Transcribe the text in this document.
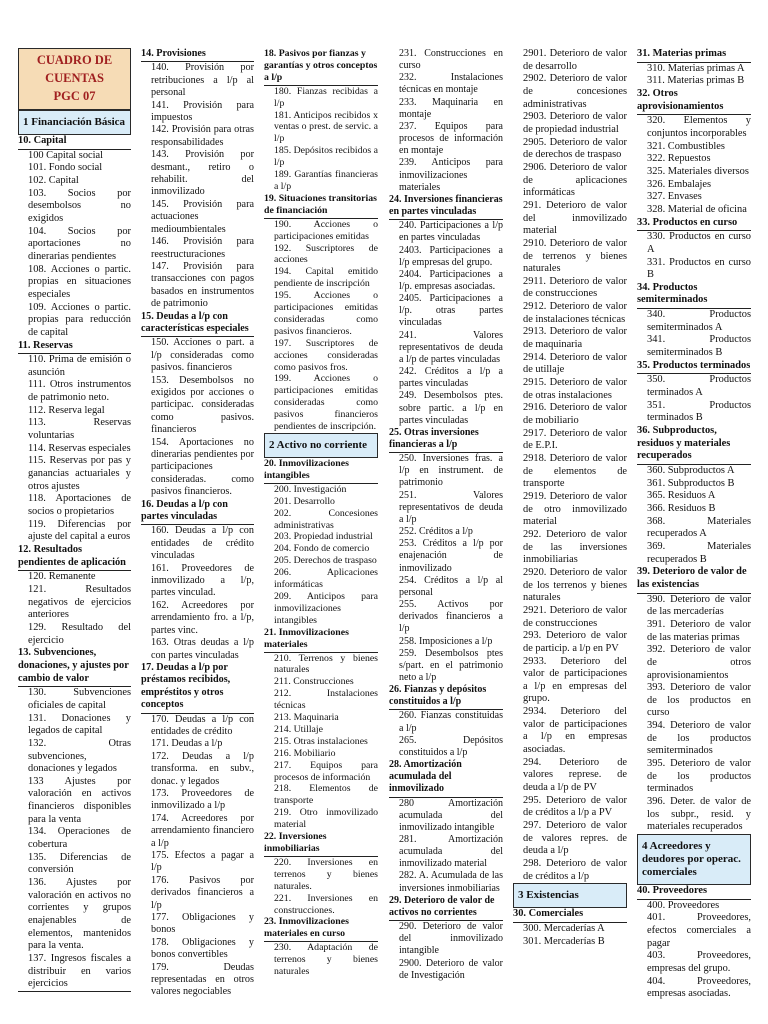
CUADRO DE CUENTAS
PGC 07
1 Financiación Básica
10. Capital
100 Capital social
101. Fondo social
102. Capital
103. Socios por desembolsos no exigidos
104. Socios por aportaciones no dinerarias pendientes
108. Acciones o partic. propias en situaciones especiales
109. Acciones o partic. propias para reducción de capital
11. Reservas
110. Prima de emisión o asunción
111. Otros instrumentos de patrimonio neto.
112. Reserva legal
113. Reservas voluntarias
114. Reservas especiales
115. Reservas por pas y ganancias actuariales y otros ajustes
118. Aportaciones de socios o propietarios
119. Diferencias por ajuste del capital a euros
12. Resultados pendientes de aplicación
120. Remanente
121. Resultados negativos de ejercicios anteriores
129. Resultado del ejercicio
13. Subvenciones, donaciones, y ajustes por cambio de valor
130. Subvenciones oficiales de capital
131. Donaciones y legados de capital
132. Otras subvenciones, donaciones y legados
133 Ajustes por valoración en activos financieros disponibles para la venta
134. Operaciones de cobertura
135. Diferencias de conversión
136. Ajustes por valoración en activos no corrientes y grupos enajenables de elementos, mantenidos para la venta.
137. Ingresos fiscales a distribuir en varios ejercicios
14. Provisiones
140. Provisión por retribuciones a l/p al personal
141. Provisión para impuestos
142. Provisión para otras responsabilidades
143. Provisión por desmant., retiro o rehabilit. del inmovilizado
145. Provisión para actuaciones medioumbientales
146. Provisión para reestructuraciones
147. Provisión para transacciones con pagos basados en instrumentos de patrimonio
15. Deudas a l/p con características especiales
150. Acciones o part. a l/p consideradas como pasivos. financieros
153. Desembolsos no exigidos por acciones o participac. consideradas como pasivos. financieros
154. Aportaciones no dinerarias pendientes por participaciones consideradas. como pasivos financieros.
16. Deudas a l/p con partes vinculadas
160. Deudas a l/p con entidades de crédito vinculadas
161. Proveedores de inmovilizado a l/p, partes vinculad.
162. Acreedores por arrendamiento fro. a l/p, partes vinc.
163. Otras deudas a l/p con partes vinculadas
17. Deudas a l/p por préstamos recibidos, empréstitos y otros conceptos
170. Deudas a l/p con entidades de crédito
171. Deudas a l/p
172. Deudas a l/p transforma. en subv., donac. y legados
173. Proveedores de inmovilizado a l/p
174. Acreedores por arrendamiento financiero a l/p
175. Efectos a pagar a l/p
176. Pasivos por derivados financieros a l/p
177. Obligaciones y bonos
178. Obligaciones y bonos convertibles
179. Deudas representadas en otros valores negociables
18. Pasivos por fianzas y garantías y otros conceptos a l/p
180. Fianzas recibidas a l/p
181. Anticipos recibidos x ventas o prest. de servic. a l/p
185. Depósitos recibidos a l/p
189. Garantías financieras a l/p
19. Situaciones transitorias de financiación
190. Acciones o participaciones emitidas
192. Suscriptores de acciones
194. Capital emitido pendiente de inscripción
195. Acciones o participaciones emitidas consideradas como pasivos financieros.
197. Suscriptores de acciones consideradas como pasivos fros.
199. Acciones o participaciones emitidas consideradas como pasivos financieros pendientes de inscripción.
2 Activo no corriente
20. Inmovilizaciones intangibles
200. Investigación
201. Desarrollo
202. Concesiones administrativas
203. Propiedad industrial
204. Fondo de comercio
205. Derechos de traspaso
206. Aplicaciones informáticas
209. Anticipos para inmovilizaciones intangibles
21. Inmovilizaciones materiales
210. Terrenos y bienes naturales
211. Construcciones
212. Instalaciones técnicas
213. Maquinaria
214. Utillaje
215. Otras instalaciones
216. Mobiliario
217. Equipos para procesos de información
218. Elementos de transporte
219. Otro inmovilizado material
22. Inversiones inmobiliarias
220. Inversiones en terrenos y bienes naturales.
221. Inversiones en construcciones.
23. Inmovilizaciones materiales en curso
230. Adaptación de terrenos y bienes naturales
231. Construcciones en curso
232. Instalaciones técnicas en montaje
233. Maquinaria en montaje
237. Equipos para procesos de información en montaje
239. Anticipos para inmovilizaciones materiales
24. Inversiones financieras en partes vinculadas
240. Participaciones a l/p en partes vinculadas
2403. Participaciones a l/p empresas del grupo.
2404. Participaciones a l/p. empresas asociadas.
2405. Participaciones a l/p. otras partes vinculadas
241. Valores representativos de deuda a l/p de partes vinculadas
242. Créditos a l/p a partes vinculadas
249. Desembolsos ptes. sobre partic. a l/p en partes vinculadas
25. Otras inversiones financieras a l/p
250. Inversiones fras. a l/p en instrument. de patrimonio
251. Valores representativos de deuda a l/p
252. Créditos a l/p
253. Créditos a l/p por enajenación de inmovilizado
254. Créditos a l/p al personal
255. Activos por derivados financieros a l/p
258. Imposiciones a l/p
259. Desembolsos ptes s/part. en el patrimonio neto a l/p
26. Fianzas y depósitos constituidos a l/p
260. Fianzas constituidas a l/p
265. Depósitos constituidos a l/p
28. Amortización acumulada del inmovilizado
280 Amortización acumulada del inmovilizado intangible
281. Amortización acumulada del inmovilizado material
282. A. Acumulada de las inversiones inmobiliarias
29. Deterioro de valor de activos no corrientes
290. Deterioro de valor del inmovilizado intangible
2900. Deterioro de valor de Investigación
2901. Deterioro de valor de desarrollo
2902. Deterioro de valor de concesiones administrativas
2903. Deterioro de valor de propiedad industrial
2905. Deterioro de valor de derechos de traspaso
2906. Deterioro de valor de aplicaciones informáticas
291. Deterioro de valor del inmovilizado material
2910. Deterioro de valor de terrenos y bienes naturales
2911. Deterioro de valor de construcciones
2912. Deterioro de valor de instalaciones técnicas
2913. Deterioro de valor de maquinaria
2914. Deterioro de valor de utillaje
2915. Deterioro de valor de otras instalaciones
2916. Deterioro de valor de mobiliario
2917. Deterioro de valor de E.P.I.
2918. Deterioro de valor de elementos de transporte
2919. Deterioro de valor de otro inmovilizado material
292. Deterioro de valor de las inversiones inmobiliarias
2920. Deterioro de valor de los terrenos y bienes naturales
2921. Deterioro de valor de construcciones
293. Deterioro de valor de particip. a l/p en PV
2933. Deterioro del valor de participaciones a l/p en empresas del grupo.
2934. Deterioro del valor de participaciones a l/p en empresas asociadas.
294. Deterioro de valores represe. de deuda a l/p de PV
295. Deterioro de valor de créditos a l/p a PV
297. Deterioro de valor de valores repres. de deuda a l/p
298. Deterioro de valor de créditos a l/p
3 Existencias
30. Comerciales
300. Mercaderías A
301. Mercaderías B
31. Materias primas
310. Materias primas A
311. Materias primas B
32. Otros aprovisionamientos
320. Elementos y conjuntos incorporables
321. Combustibles
322. Repuestos
325. Materiales diversos
326. Embalajes
327. Envases
328. Material de oficina
33. Productos en curso
330. Productos en curso A
331. Productos en curso B
34. Productos semiterminados
340. Productos semiterminados A
341. Productos semiterminados B
35. Productos terminados
350. Productos terminados A
351. Productos terminados B
36. Subproductos, residuos y materiales recuperados
360. Subproductos A
361. Subproductos B
365. Residuos A
366. Residuos B
368. Materiales recuperados A
369. Materiales recuperados B
39. Deterioro de valor de las existencias
390. Deterioro de valor de las mercaderías
391. Deterioro de valor de las materias primas
392. Deterioro de valor de otros aprovisionamientos
393. Deterioro de valor de los productos en curso
394. Deterioro de valor de los productos semiterminados
395. Deterioro de valor de los productos terminados
396. Deter. de valor de los subpr., resid. y materiales recuperados
4 Acreedores y deudores por operac. comerciales
40. Proveedores
400. Proveedores
401. Proveedores, efectos comerciales a pagar
403. Proveedores, empresas del grupo.
404. Proveedores, empresas asociadas.
